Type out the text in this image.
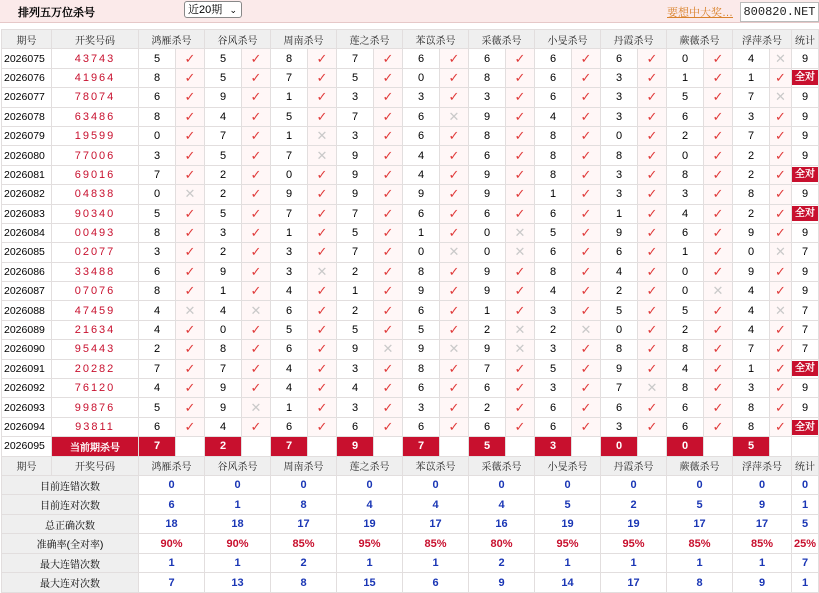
排列五万位杀号	近20期 ⌄	要想中大奖… 800820.NET
期号	开奖号码	鸿雁杀号		谷风杀号		周南杀号		莲之杀号		苯苡杀号		采薇杀号		小旻杀号		丹霞杀号		蕨薇杀号		浮萍杀号		统计
2026075	43743	5	✓	5	✓	8	✓	7	✓	6	✓	6	✓	6	✓	6	✓	0	✓	4	✕	9
2026076	41964	8	✓	5	✓	7	✓	5	✓	0	✓	8	✓	6	✓	3	✓	1	✓	1	✓	全对
2026077	78074	6	✓	9	✓	1	✓	3	✓	3	✓	3	✓	6	✓	3	✓	5	✓	7	✕	9
2026078	63486	8	✓	4	✓	5	✓	7	✓	6	✕	9	✓	4	✓	3	✓	6	✓	3	✓	9
2026079	19599	0	✓	7	✓	1	✕	3	✓	6	✓	8	✓	8	✓	0	✓	2	✓	7	✓	9
2026080	77006	3	✓	5	✓	7	✕	9	✓	4	✓	6	✓	8	✓	8	✓	0	✓	2	✓	9
2026081	69016	7	✓	2	✓	0	✓	9	✓	4	✓	9	✓	8	✓	3	✓	8	✓	2	✓	全对
2026082	04838	0	✕	2	✓	9	✓	9	✓	9	✓	9	✓	1	✓	3	✓	3	✓	8	✓	9
2026083	90340	5	✓	5	✓	7	✓	7	✓	6	✓	6	✓	6	✓	1	✓	4	✓	2	✓	全对
2026084	00493	8	✓	3	✓	1	✓	5	✓	1	✓	0	✕	5	✓	9	✓	6	✓	9	✓	9
2026085	02077	3	✓	2	✓	3	✓	7	✓	0	✕	0	✕	6	✓	6	✓	1	✓	0	✕	7
2026086	33488	6	✓	9	✓	3	✕	2	✓	8	✓	9	✓	8	✓	4	✓	0	✓	9	✓	9
2026087	07076	8	✓	1	✓	4	✓	1	✓	9	✓	9	✓	4	✓	2	✓	0	✕	4	✓	9
2026088	47459	4	✕	4	✕	6	✓	2	✓	6	✓	1	✓	3	✓	5	✓	5	✓	4	✕	7
2026089	21634	4	✓	0	✓	5	✓	5	✓	5	✓	2	✕	2	✕	0	✓	2	✓	4	✓	7
2026090	95443	2	✓	8	✓	6	✓	9	✕	9	✕	9	✕	3	✓	8	✓	8	✓	7	✓	7
2026091	20282	7	✓	7	✓	4	✓	3	✓	8	✓	7	✓	5	✓	9	✓	4	✓	1	✓	全对
2026092	76120	4	✓	9	✓	4	✓	4	✓	6	✓	6	✓	3	✓	7	✕	8	✓	3	✓	9
2026093	99876	5	✓	9	✕	1	✓	3	✓	3	✓	2	✓	6	✓	6	✓	6	✓	8	✓	9
2026094	93811	6	✓	4	✓	6	✓	6	✓	6	✓	6	✓	6	✓	3	✓	6	✓	8	✓	全对
2026095	当前期杀号	7		2		7		9		7		5		3		0		0		5		
期号	开奖号码	鸿雁杀号		谷风杀号		周南杀号		莲之杀号		苯苡杀号		采薇杀号		小旻杀号		丹霞杀号		蕨薇杀号		浮萍杀号		统计
目前连错次数		0		0		0		0		0		0		0		0		0		0		0
目前连对次数		6		1		8		4		4		4		5		2		5		9		1
总正确次数		18		18		17		19		17		16		19		19		17		17		5
准确率(全对率)		90%		90%		85%		95%		85%		80%		95%		95%		85%		85%		25%
最大连错次数		1		1		2		1		1		2		1		1		1		1		7
最大连对次数		7		13		8		15		6		9		14		17		8		9		1
